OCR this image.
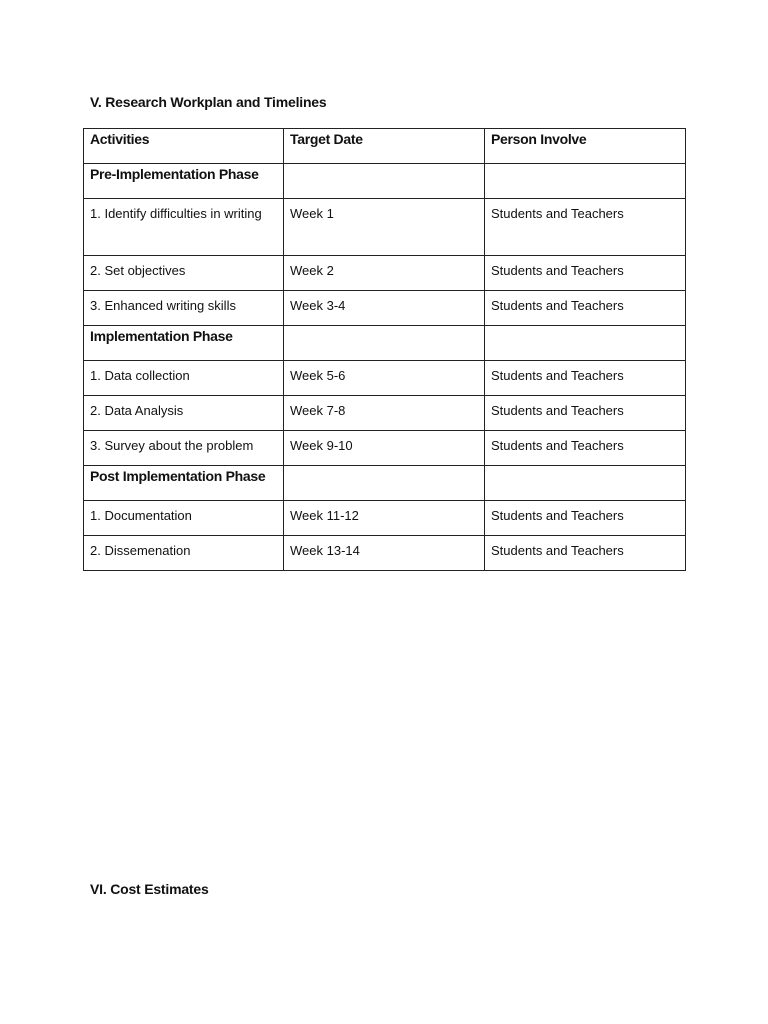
V. Research Workplan and Timelines
Activities	Target Date	Person Involve
Pre-Implementation Phase		
1. Identify difficulties in writing	Week 1	Students and Teachers
2. Set objectives	Week 2	Students and Teachers
3. Enhanced writing skills	Week 3-4	Students and Teachers
Implementation Phase		
1. Data collection	Week 5-6	Students and Teachers
2. Data Analysis	Week 7-8	Students and Teachers
3. Survey about the problem	Week 9-10	Students and Teachers
Post Implementation Phase		
1. Documentation	Week 11-12	Students and Teachers
2. Dissemenation	Week 13-14	Students and Teachers
VI. Cost Estimates
